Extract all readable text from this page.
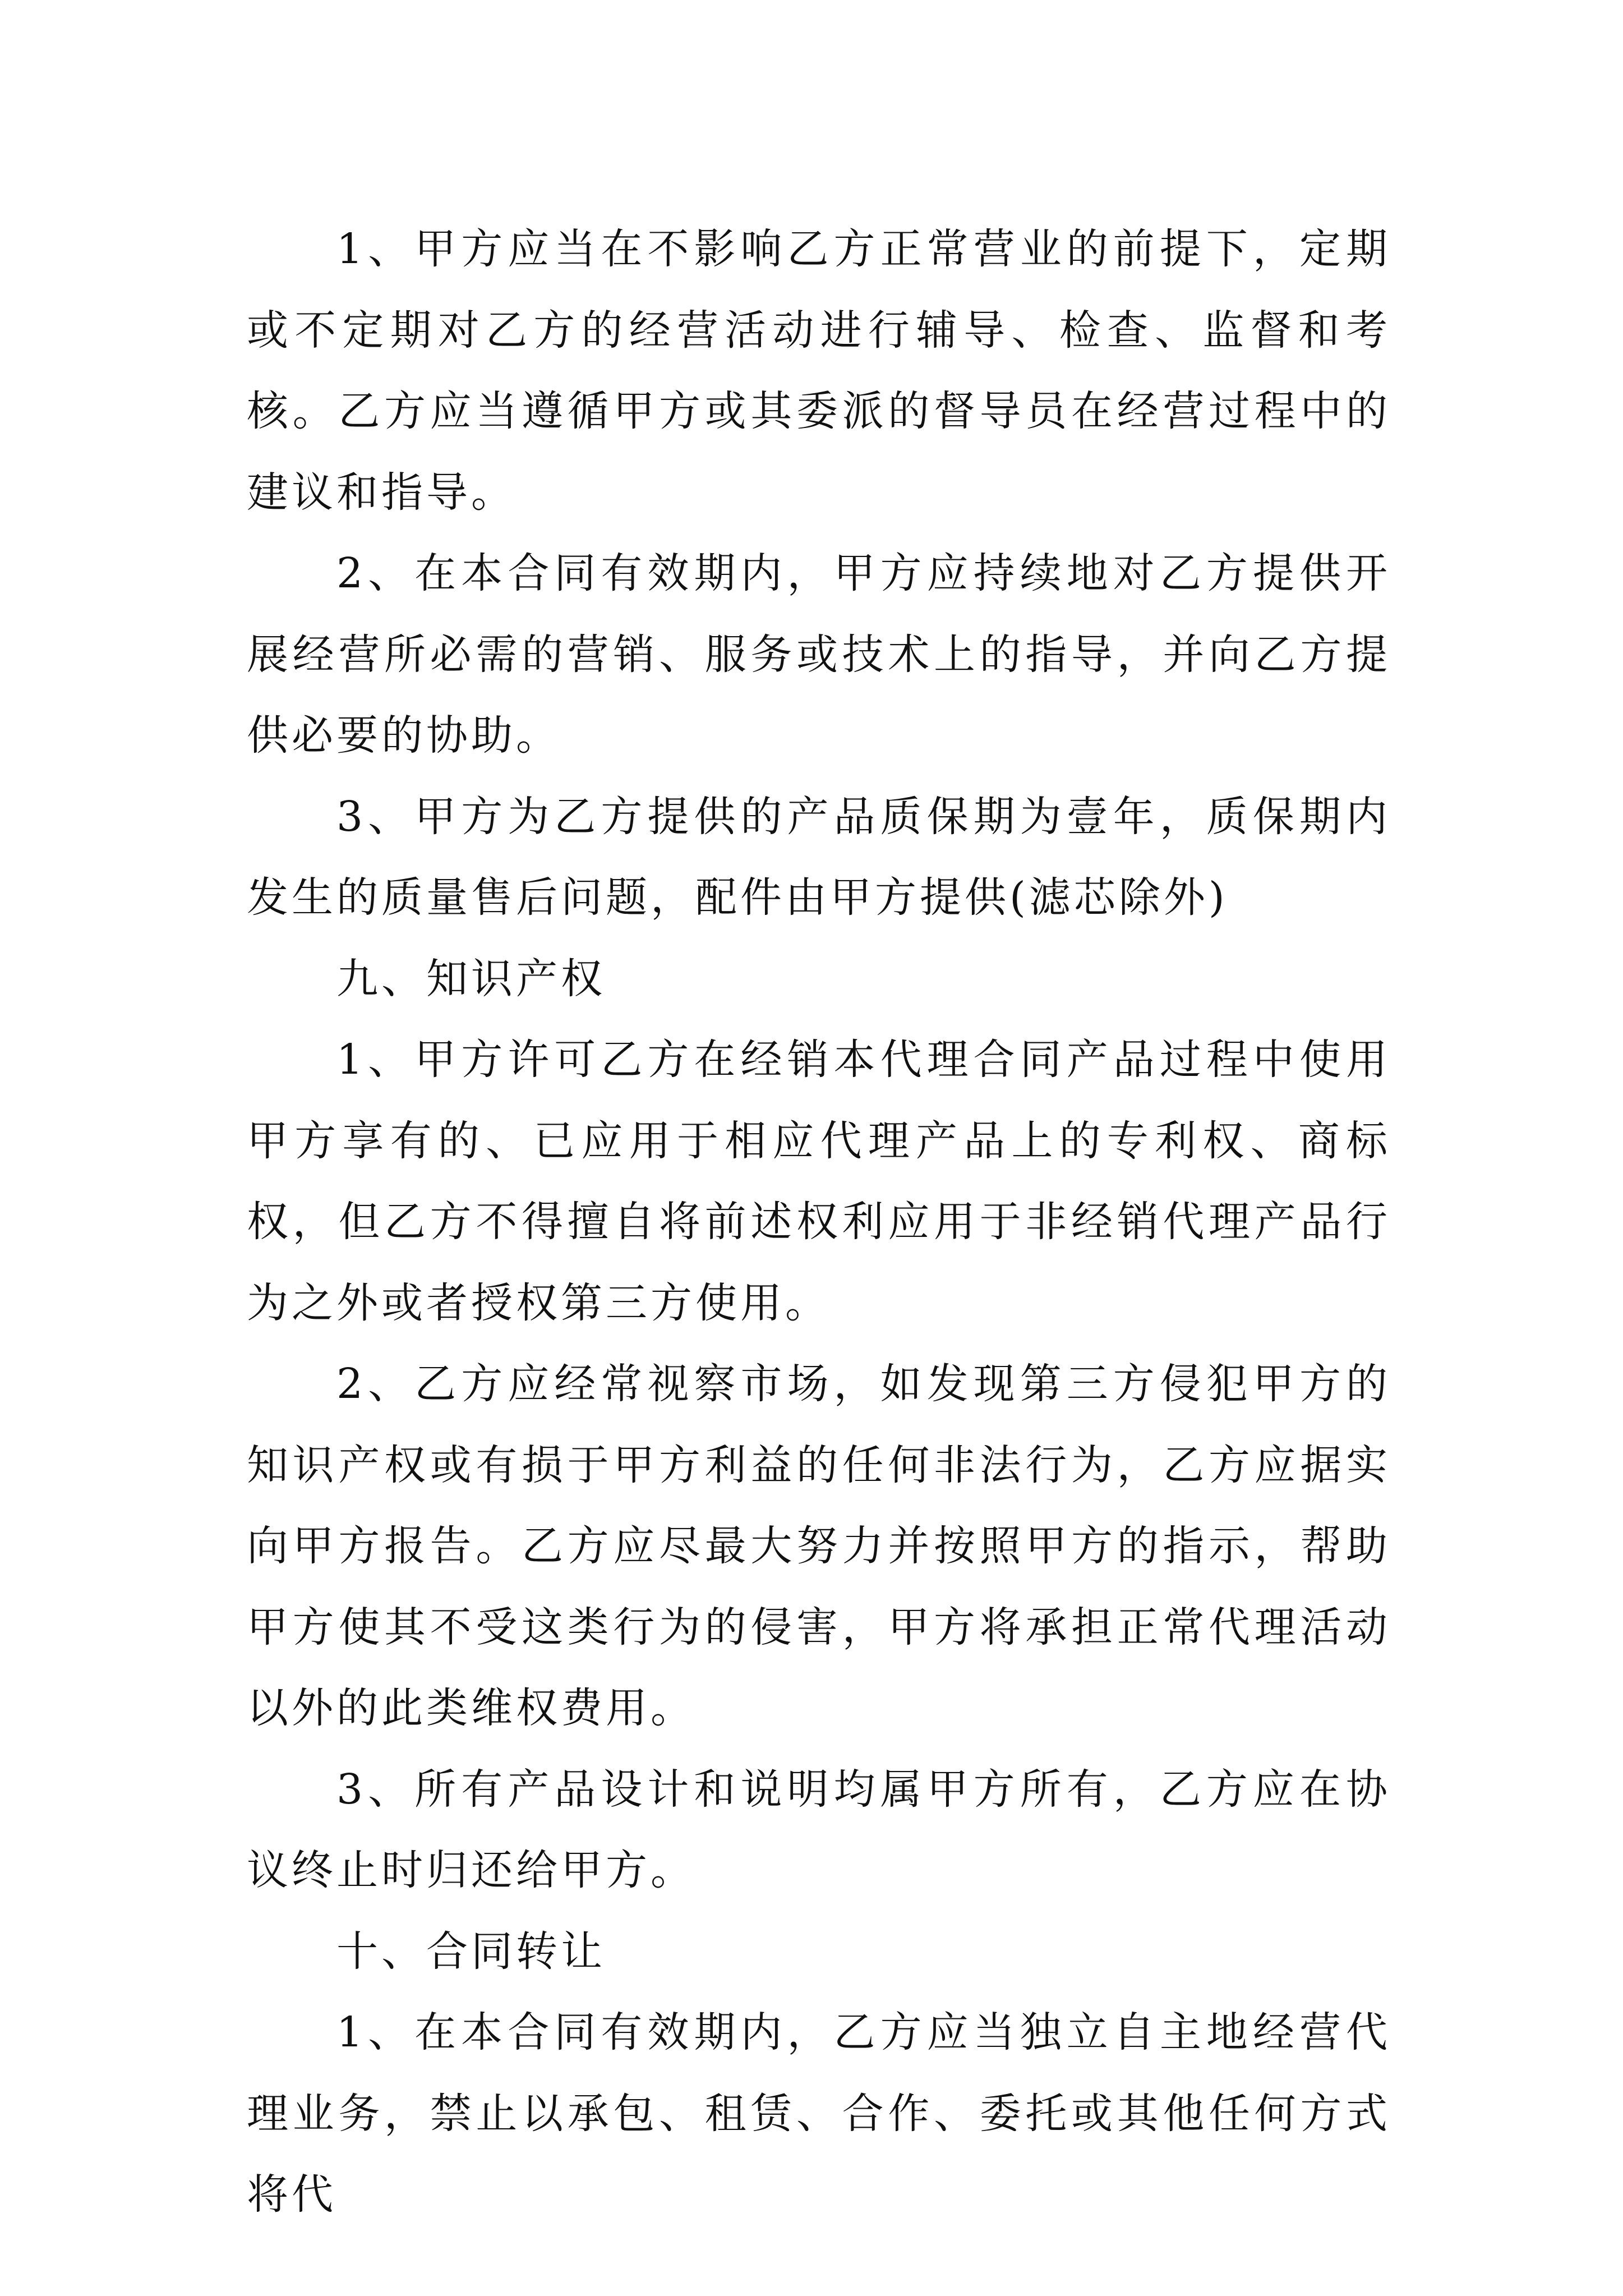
1、甲方应当在不影响乙方正常营业的前提下，定期或不定期对乙方的经营活动进行辅导、检查、监督和考核。乙方应当遵循甲方或其委派的督导员在经营过程中的建议和指导。

2、在本合同有效期内，甲方应持续地对乙方提供开展经营所必需的营销、服务或技术上的指导，并向乙方提供必要的协助。

3、甲方为乙方提供的产品质保期为壹年，质保期内发生的质量售后问题，配件由甲方提供(滤芯除外)

九、知识产权

1、甲方许可乙方在经销本代理合同产品过程中使用甲方享有的、已应用于相应代理产品上的专利权、商标权，但乙方不得擅自将前述权利应用于非经销代理产品行为之外或者授权第三方使用。

2、乙方应经常视察市场，如发现第三方侵犯甲方的知识产权或有损于甲方利益的任何非法行为，乙方应据实向甲方报告。乙方应尽最大努力并按照甲方的指示，帮助甲方使其不受这类行为的侵害，甲方将承担正常代理活动以外的此类维权费用。

3、所有产品设计和说明均属甲方所有，乙方应在协议终止时归还给甲方。

十、合同转让

1、在本合同有效期内，乙方应当独立自主地经营代理业务，禁止以承包、租赁、合作、委托或其他任何方式将代
